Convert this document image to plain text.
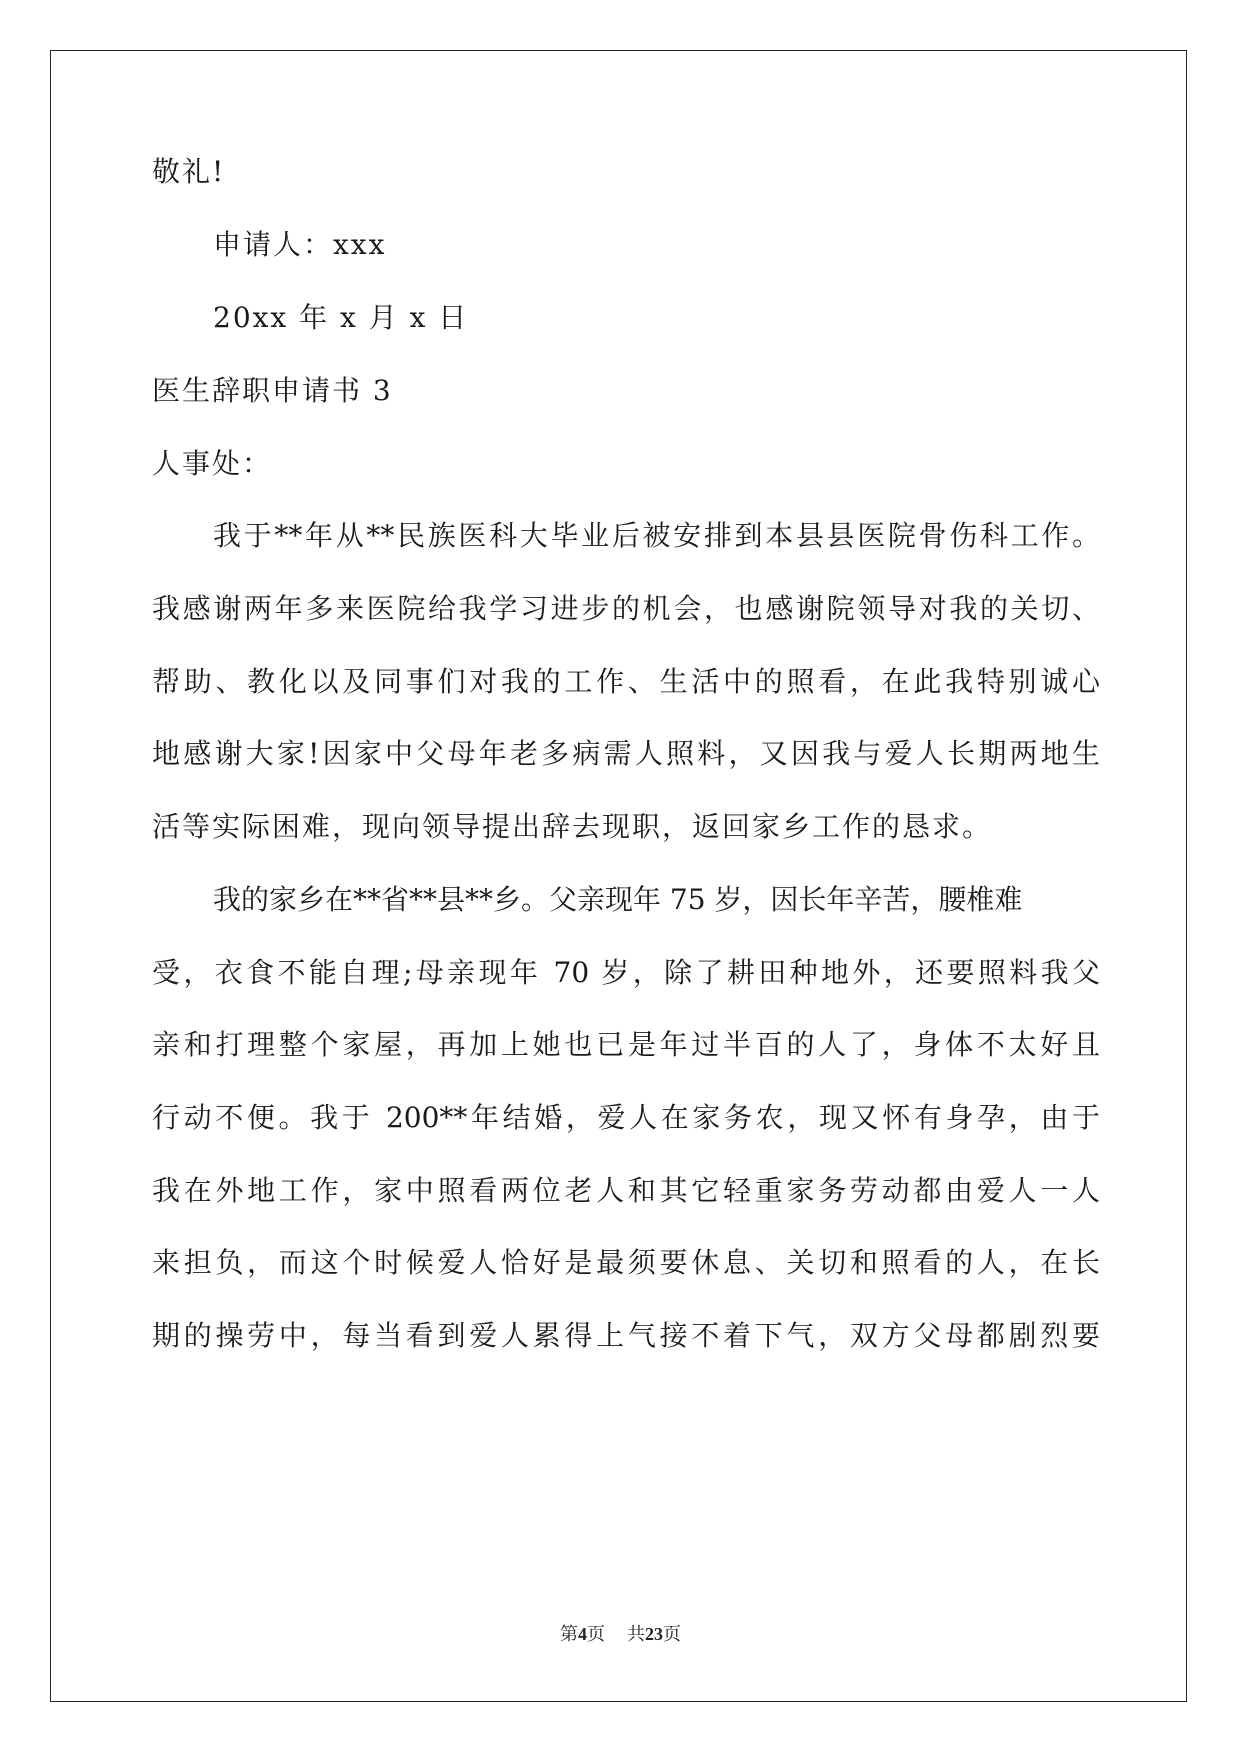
敬礼!
申请人：xxx
20xx 年 x 月 x 日
医生辞职申请书 3
人事处：
我于**年从**民族医科大毕业后被安排到本县县医院骨伤科工作。
我感谢两年多来医院给我学习进步的机会，也感谢院领导对我的关切、
帮助、教化以及同事们对我的工作、生活中的照看，在此我特别诚心
地感谢大家!因家中父母年老多病需人照料，又因我与爱人长期两地生
活等实际困难，现向领导提出辞去现职，返回家乡工作的恳求。
我的家乡在**省**县**乡。父亲现年 75 岁，因长年辛苦，腰椎难
受，衣食不能自理;母亲现年 70 岁，除了耕田种地外，还要照料我父
亲和打理整个家屋，再加上她也已是年过半百的人了，身体不太好且
行动不便。我于 200**年结婚，爱人在家务农，现又怀有身孕，由于
我在外地工作，家中照看两位老人和其它轻重家务劳动都由爱人一人
来担负，而这个时候爱人恰好是最须要休息、关切和照看的人，在长
期的操劳中，每当看到爱人累得上气接不着下气，双方父母都剧烈要
第4页 共23页
